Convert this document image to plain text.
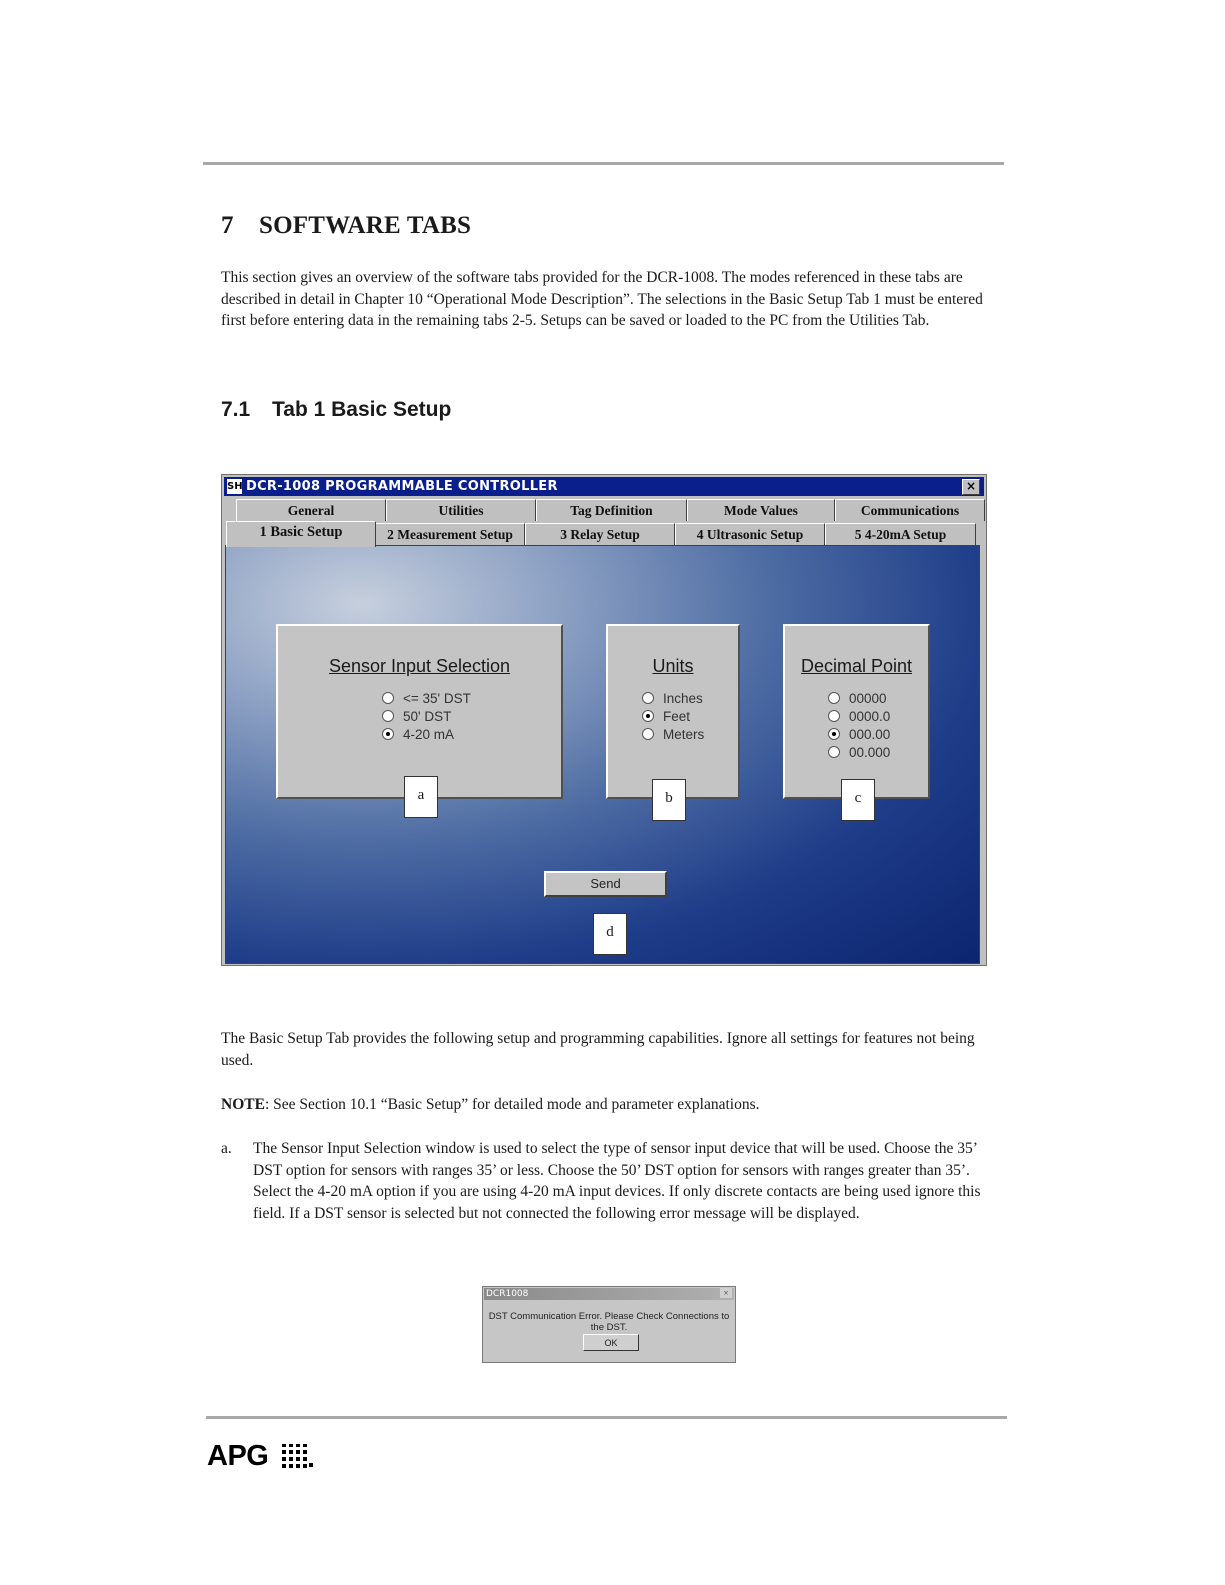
7 SOFTWARE TABS
This section gives an overview of the software tabs provided for the DCR-1008. The modes referenced in these tabs are described in detail in Chapter 10 “Operational Mode Description”. The selections in the Basic Setup Tab 1 must be entered first before entering data in the remaining tabs 2-5. Setups can be saved or loaded to the PC from the Utilities Tab.
7.1 Tab 1 Basic Setup
SH DCR-1008 PROGRAMMABLE CONTROLLER	×
General	Utilities	Tag Definition	Mode Values	Communications
2 Measurement Setup	3 Relay Setup	4 Ultrasonic Setup	5 4-20mA Setup
1 Basic Setup
Sensor Input Selection
<= 35' DST
50' DST
4-20 mA
a
Units
Inches
Feet
Meters
b
Decimal Point
00000
0000.0
000.00
00.000
c
Send
d
The Basic Setup Tab provides the following setup and programming capabilities. Ignore all settings for features not being used.
NOTE: See Section 10.1 “Basic Setup” for detailed mode and parameter explanations.
a. The Sensor Input Selection window is used to select the type of sensor input device that will be used. Choose the 35’ DST option for sensors with ranges 35’ or less. Choose the 50’ DST option for sensors with ranges greater than 35’. Select the 4-20 mA option if you are using 4-20 mA input devices. If only discrete contacts are being used ignore this field. If a DST sensor is selected but not connected the following error message will be displayed.
DCR1008	×
DST Communication Error. Please Check Connections to the DST.
OK
APG
